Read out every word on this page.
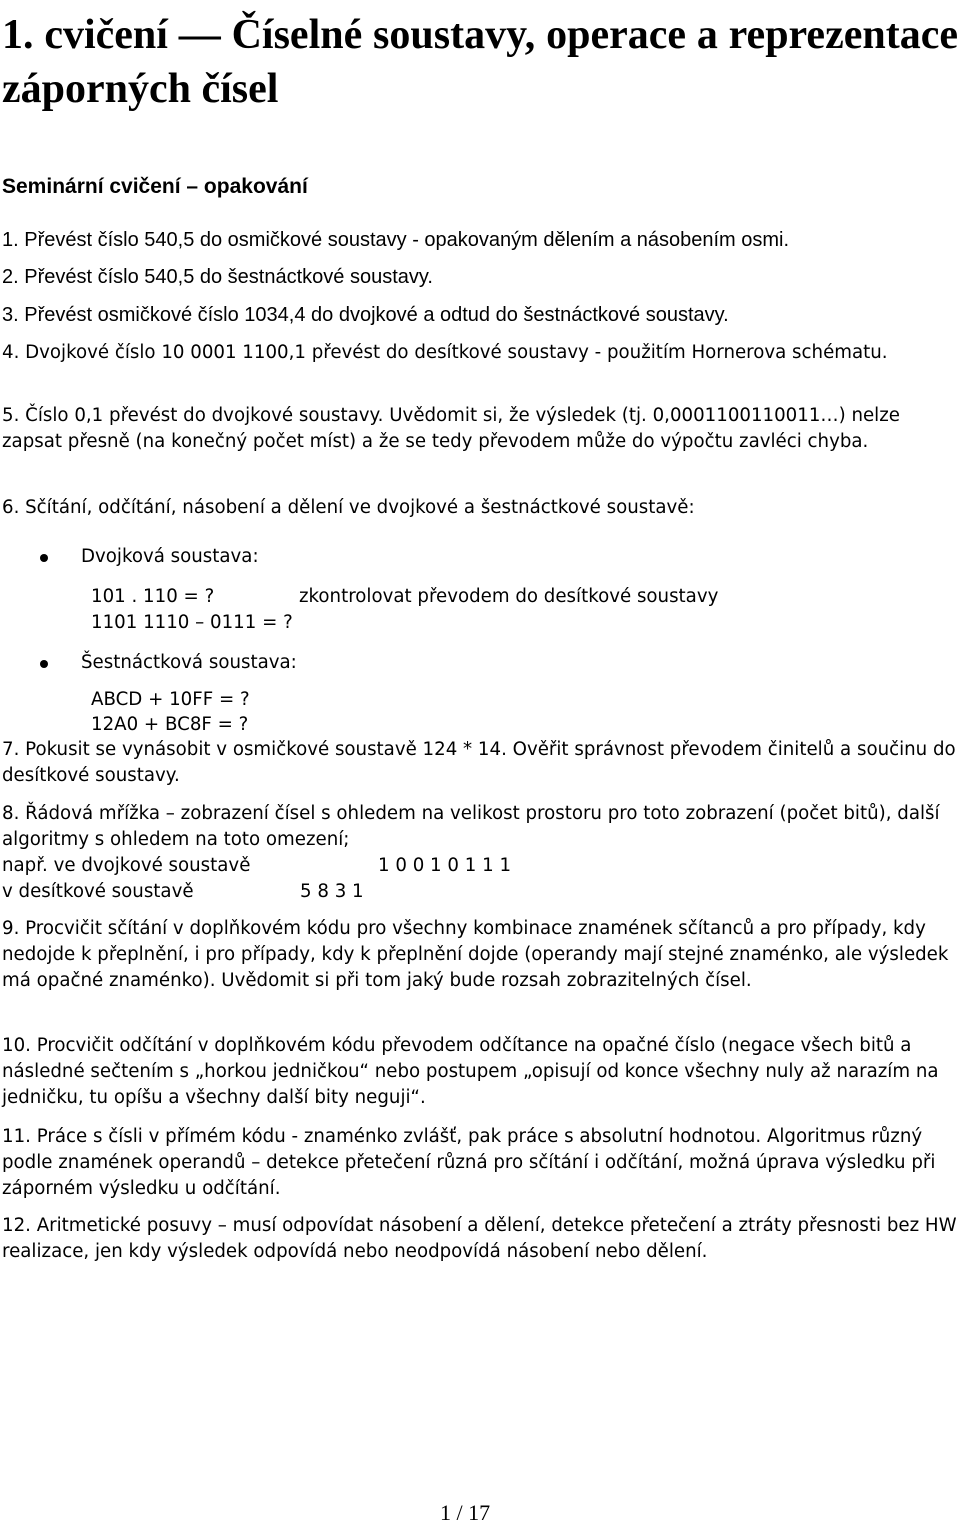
1. cvičení — Číselné soustavy, operace a reprezentace záporných čísel

Seminární cvičení – opakování

1. Převést číslo 540,5 do osmičkové soustavy - opakovaným dělením a násobením osmi.
2. Převést číslo 540,5 do šestnáctkové soustavy.
3. Převést osmičkové číslo 1034,4 do dvojkové a odtud do šestnáctkové soustavy.

4. Dvojkové číslo 10 0001 1100,1 převést do desítkové soustavy - použitím Hornerova schématu.

5. Číslo 0,1 převést do dvojkové soustavy. Uvědomit si, že výsledek (tj. 0,0001100110011…) nelze zapsat přesně (na konečný počet míst) a že se tedy převodem může do výpočtu zavléci chyba.

6. Sčítání, odčítání, násobení a dělení ve dvojkové a šestnáctkové soustavě:

Dvojková soustava:
101 . 110 = ?	zkontrolovat převodem do desítkové soustavy
1101 1110 – 0111 = ?
Šestnáctková soustava:
ABCD + 10FF = ?
12A0 + BC8F = ?

7. Pokusit se vynásobit v osmičkové soustavě 124 * 14. Ověřit správnost převodem činitelů a součinu do desítkové soustavy.

8. Řádová mřížka – zobrazení čísel s ohledem na velikost prostoru pro toto zobrazení (počet bitů), další algoritmy s ohledem na toto omezení;

např. ve dvojkové soustavě	1 0 0 1 0 1 1 1
v desítkové soustavě	5 8 3 1

9. Procvičit sčítání v doplňkovém kódu pro všechny kombinace znamének sčítanců a pro případy, kdy nedojde k přeplnění, i pro případy, kdy k přeplnění dojde (operandy mají stejné znaménko, ale výsledek má opačné znaménko). Uvědomit si při tom jaký bude rozsah zobrazitelných čísel.

10. Procvičit odčítání v doplňkovém kódu převodem odčítance na opačné číslo (negace všech bitů a následné sečtením s „horkou jedničkou“ nebo postupem „opisují od konce všechny nuly až narazím na jedničku, tu opíšu a všechny další bity neguji“.

11. Práce s čísli v přímém kódu - znaménko zvlášť, pak práce s absolutní hodnotou. Algoritmus různý podle znamének operandů – detekce přetečení různá pro sčítání i odčítání, možná úprava výsledku při záporném výsledku u odčítání.

12. Aritmetické posuvy – musí odpovídat násobení a dělení, detekce přetečení a ztráty přesnosti bez HW realizace, jen kdy výsledek odpovídá nebo neodpovídá násobení nebo dělení.

1 / 17
